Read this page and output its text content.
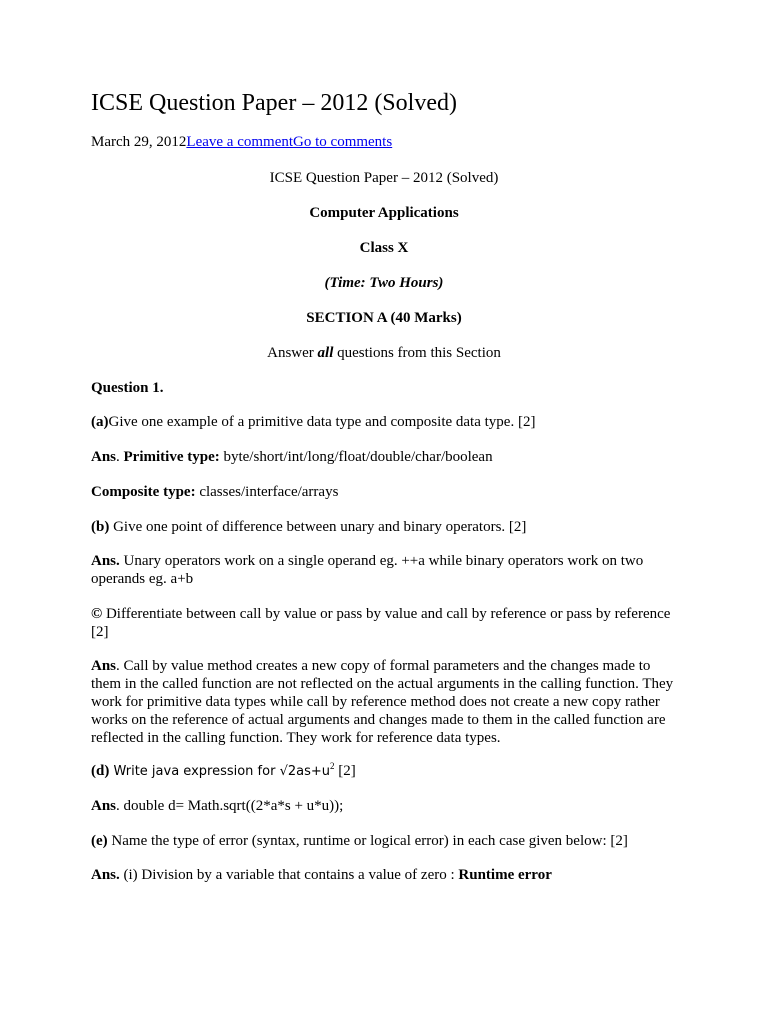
ICSE Question Paper – 2012 (Solved)
March 29, 2012Leave a commentGo to comments
ICSE Question Paper – 2012 (Solved)
Computer Applications
Class X
(Time: Two Hours)
SECTION A (40 Marks)
Answer all questions from this Section
Question 1.
(a)Give one example of a primitive data type and composite data type. [2]
Ans. Primitive type: byte/short/int/long/float/double/char/boolean
Composite type: classes/interface/arrays
(b) Give one point of difference between unary and binary operators. [2]
Ans. Unary operators work on a single operand eg. ++a while binary operators work on two operands eg. a+b
© Differentiate between call by value or pass by value and call by reference or pass by reference [2]
Ans. Call by value method creates a new copy of formal parameters and the changes made to them in the called function are not reflected on the actual arguments in the calling function. They work for primitive data types while call by reference method does not create a new copy rather works on the reference of actual arguments and changes made to them in the called function are reflected in the calling function. They work for reference data types.
(d) Write java expression for $√2as+u^2$ [2]
Ans. double d= Math.sqrt((2*a*s + u*u));
(e) Name the type of error (syntax, runtime or logical error) in each case given below: [2]
Ans. (i) Division by a variable that contains a value of zero : Runtime error
